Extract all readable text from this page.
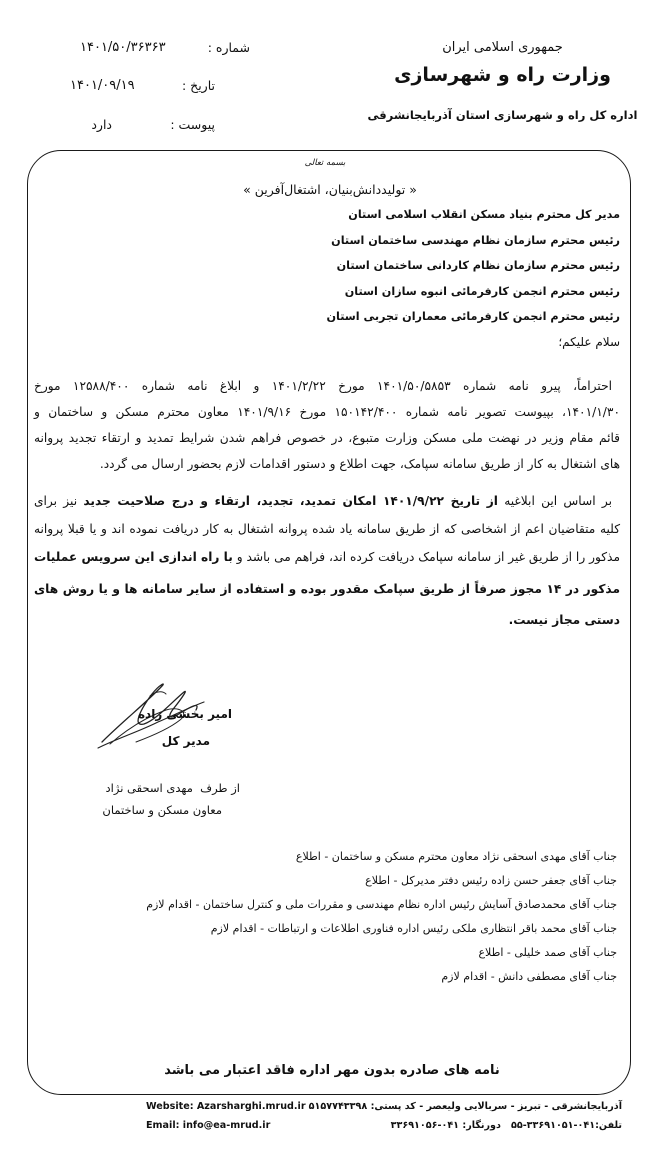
جمهوری اسلامی ایران
وزارت راه و شهرسازی
اداره کل راه و شهرسازی استان آذربایجانشرقی
شماره :
۱۴۰۱/۵۰/۳۶۳۶۳
تاریخ :
۱۴۰۱/۰۹/۱۹
پیوست :
دارد
بسمه تعالی
« تولیددانش‌بنیان، اشتغال‌آفرین »
مدیر کل محترم بنیاد مسکن انقلاب اسلامی استان
رئیس محترم سازمان نظام مهندسی ساختمان استان
رئیس محترم سازمان نظام کاردانی ساختمان استان
رئیس محترم انجمن کارفرمائی انبوه سازان استان
رئیس محترم انجمن کارفرمائی معماران تجربی استان
سلام علیکم؛
احتراماً، پیرو نامه شماره ۱۴۰۱/۵۰/۵۸۵۳ مورخ ۱۴۰۱/۲/۲۲ و ابلاغ نامه شماره ۱۲۵۸۸/۴۰۰ مورخ
۱۴۰۱/۱/۳۰، بپیوست تصویر نامه شماره ۱۵۰۱۴۲/۴۰۰ مورخ ۱۴۰۱/۹/۱۶ معاون محترم مسکن و ساختمان و
قائم مقام وزیر در نهضت ملی مسکن وزارت متبوع، در خصوص فراهم شدن شرایط تمدید و ارتقاء تجدید پروانه
های اشتغال به کار از طریق سامانه سپامک، جهت اطلاع و دستور اقدامات لازم بحضور ارسال می گردد.
بر اساس این ابلاغیه از تاریخ ۱۴۰۱/۹/۲۲ امکان تمدید، تجدید، ارتقاء و درج صلاحیت جدید نیز برای
کلیه متقاضیان اعم از اشخاصی که از طریق سامانه یاد شده پروانه اشتغال به کار دریافت نموده اند و یا قبلا پروانه
مذکور را از طریق غیر از سامانه سپامک دریافت کرده اند، فراهم می باشد و با راه اندازی این سرویس عملیات
مذکور در ۱۴ مجوز صرفاً از طریق سپامک مقدور بوده و استفاده از سایر سامانه ها و یا روش های
دستی مجاز نیست.
امیر بخشی زاده
مدیر کل
از طرف  مهدی اسحقی نژاد
معاون مسکن و ساختمان
جناب آقای مهدی اسحقی نژاد معاون محترم مسکن و ساختمان - اطلاع
جناب آقای جعفر حسن زاده رئیس دفتر مدیرکل - اطلاع
جناب آقای محمدصادق آسایش رئیس اداره نظام مهندسی و مقررات ملی و کنترل ساختمان - اقدام لازم
جناب آقای محمد باقر انتظاری ملکی رئیس اداره فناوری اطلاعات و ارتباطات - اقدام لازم
جناب آقای صمد خلیلی - اطلاع
جناب آقای مصطفی دانش - اقدام لازم
نامه های صادره بدون مهر اداره فاقد اعتبار می باشد
آذربایجانشرقی - تبریز - سربالایی ولیعصر - کد پستی: ۵۱۵۷۷۴۳۳۹۸
تلفن:۰۴۱-۳۳۶۹۱۰۵۱-۵۵   دورنگار: ۰۴۱-۳۳۶۹۱۰۵۶
Website: Azarsharghi.mrud.ir
Email: info@ea-mrud.ir
